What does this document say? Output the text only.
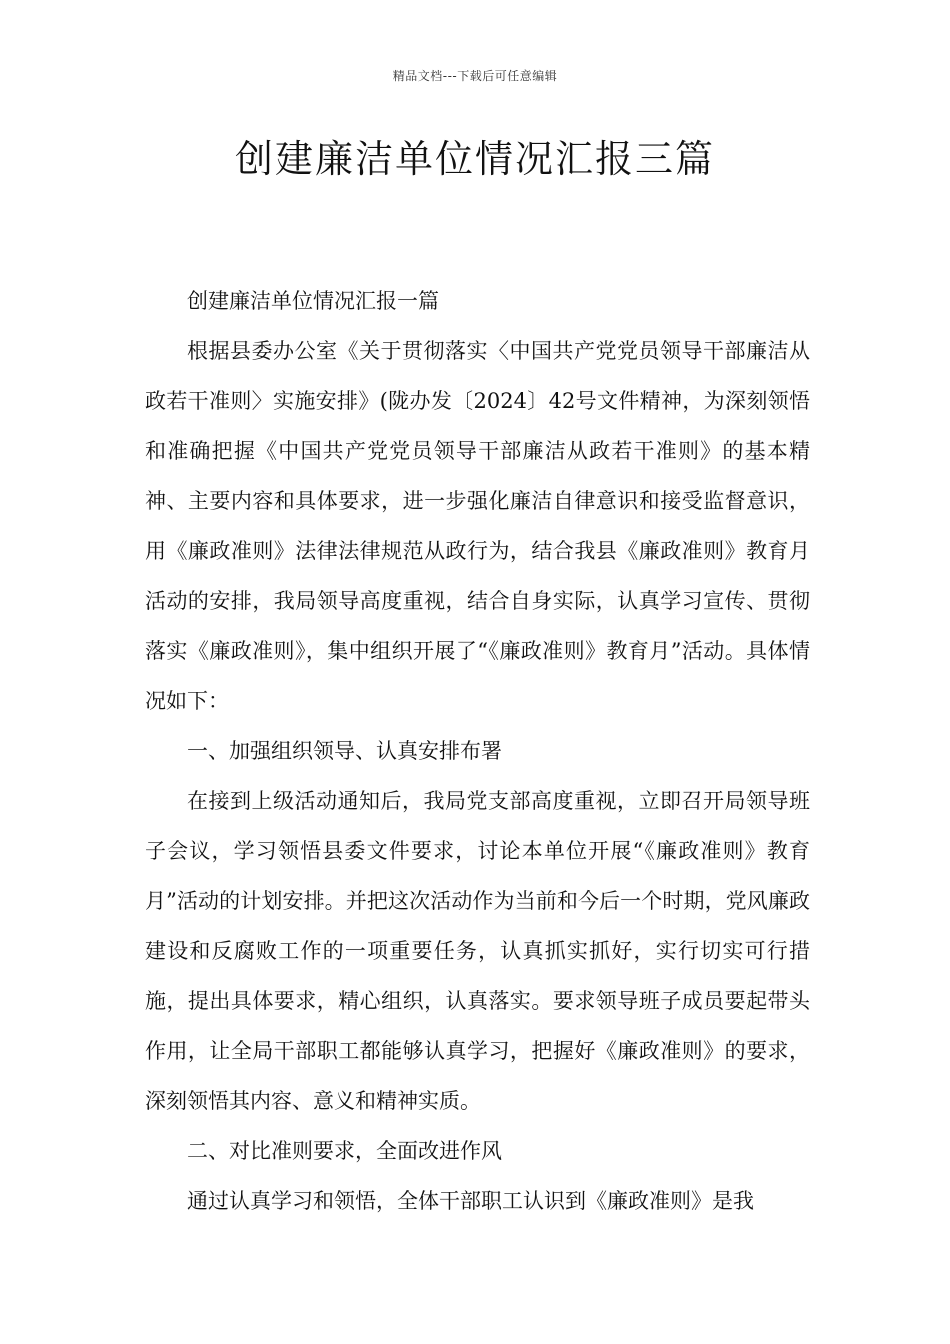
精品文档---下载后可任意编辑
创建廉洁单位情况汇报三篇

创建廉洁单位情况汇报一篇

根据县委办公室《关于贯彻落实〈中国共产党党员领导干部廉洁从政若干准则〉实施安排》(陇办发〔2024〕42号文件精神，为深刻领悟和准确把握《中国共产党党员领导干部廉洁从政若干准则》的基本精神、主要内容和具体要求，进一步强化廉洁自律意识和接受监督意识，用《廉政准则》法律法律规范从政行为，结合我县《廉政准则》教育月活动的安排，我局领导高度重视，结合自身实际，认真学习宣传、贯彻落实《廉政准则》，集中组织开展了“《廉政准则》教育月”活动。具体情况如下：

一、加强组织领导、认真安排布署

在接到上级活动通知后，我局党支部高度重视，立即召开局领导班子会议，学习领悟县委文件要求，讨论本单位开展“《廉政准则》教育月”活动的计划安排。并把这次活动作为当前和今后一个时期，党风廉政建设和反腐败工作的一项重要任务，认真抓实抓好，实行切实可行措施，提出具体要求，精心组织，认真落实。要求领导班子成员要起带头作用，让全局干部职工都能够认真学习，把握好《廉政准则》的要求，深刻领悟其内容、意义和精神实质。

二、对比准则要求，全面改进作风

通过认真学习和领悟，全体干部职工认识到《廉政准则》是我
